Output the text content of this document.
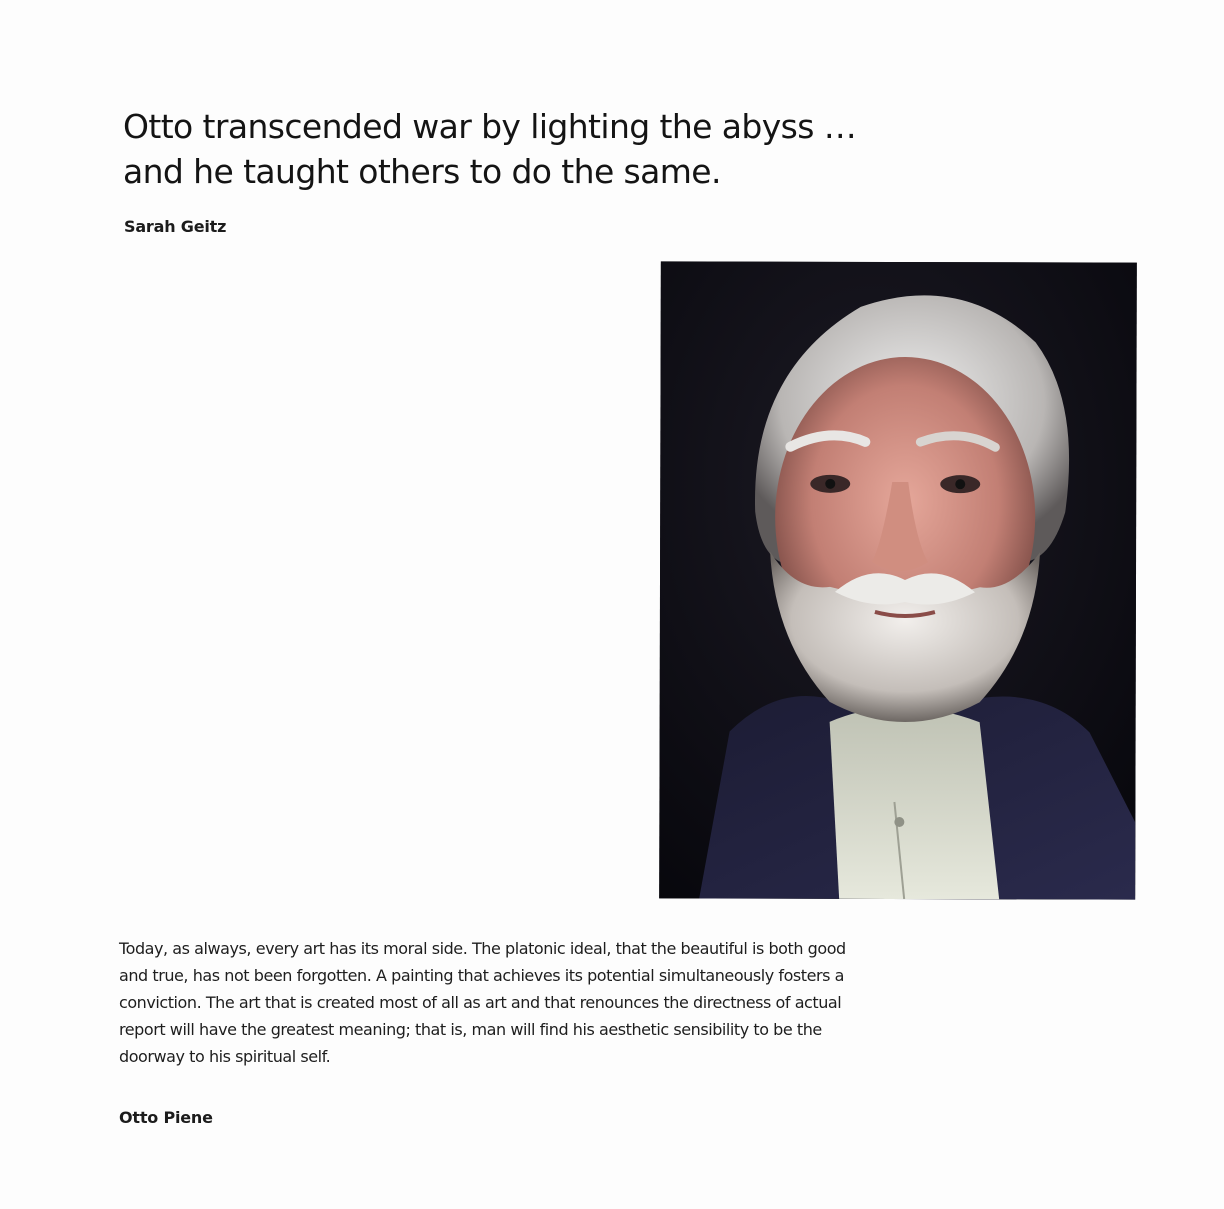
Otto transcended war by lighting the abyss …
and he taught others to do the same.

Sarah Geitz

Today, as always, every art has its moral side. The platonic ideal, that the beautiful is both good and true, has not been forgotten. A painting that achieves its potential simultaneously fosters a conviction. The art that is created most of all as art and that renounces the directness of actual report will have the greatest meaning; that is, man will find his aesthetic sensibility to be the doorway to his spiritual self.

Otto Piene
